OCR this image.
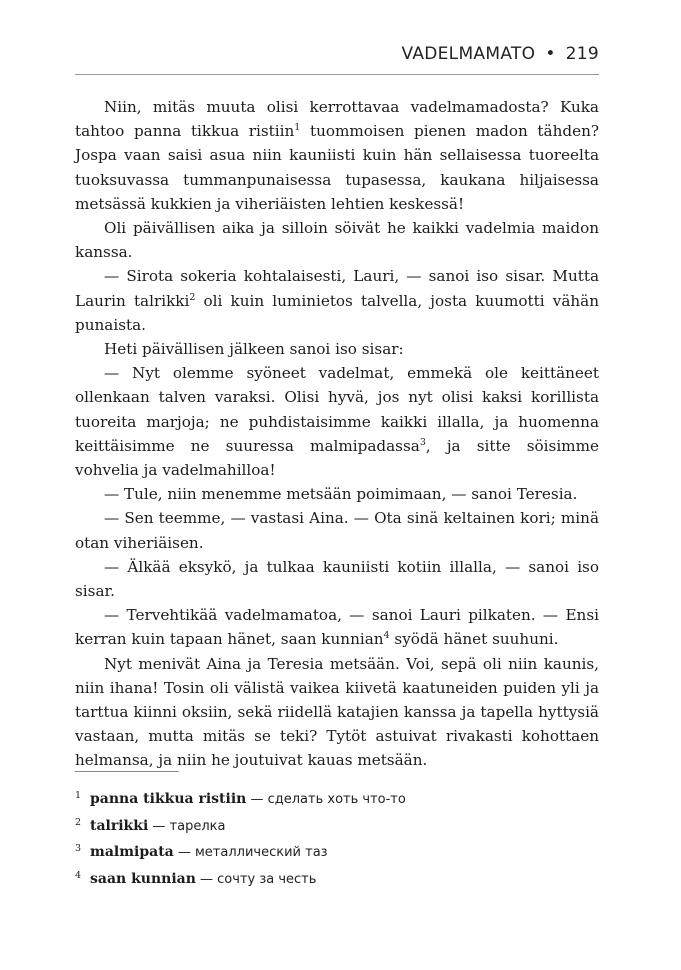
VADELMAMATO • 219

Niin, mitäs muuta olisi kerrottavaa vadelmamadosta? Kuka tahtoo panna tikkua ristiin$^1$ tuommoisen pienen madon tähden? Jospa vaan saisi asua niin kauniisti kuin hän sellaisessa tuoreelta tuoksuvassa tummanpunaisessa tupasessa, kaukana hiljaisessa metsässä kukkien ja viheriäisten lehtien keskessä!

Oli päivällisen aika ja silloin söivät he kaikki vadelmia maidon kanssa.

— Sirota sokeria kohtalaisesti, Lauri, — sanoi iso sisar. Mutta Laurin talrikki$^2$ oli kuin luminietos talvella, josta kuumotti vähän punaista.

Heti päivällisen jälkeen sanoi iso sisar:

— Nyt olemme syöneet vadelmat, emmekä ole keittäneet ollenkaan talven varaksi. Olisi hyvä, jos nyt olisi kaksi korillista tuoreita marjoja; ne puhdistaisimme kaikki illalla, ja huomenna keittäisimme ne suuressa malmipadassa$^3$, ja sitte söisimme vohvelia ja vadelmahilloa!

— Tule, niin menemme metsään poimimaan, — sanoi Teresia.

— Sen teemme, — vastasi Aina. — Ota sinä keltainen kori; minä otan viheriäisen.

— Älkää eksykö, ja tulkaa kauniisti kotiin illalla, — sanoi iso sisar.

— Tervehtikää vadelmamatoa, — sanoi Lauri pilkaten. — Ensi kerran kuin tapaan hänet, saan kunnian$^4$ syödä hänet suuhuni.

Nyt menivät Aina ja Teresia metsään. Voi, sepä oli niin kaunis, niin ihana! Tosin oli välistä vaikea kiivetä kaatuneiden puiden yli ja tarttua kiinni oksiin, sekä riidellä katajien kanssa ja tapella hyttysiä vastaan, mutta mitäs se teki? Tytöt astuivat rivakasti kohottaen helmansa, ja niin he joutuivat kauas metsään.

1 panna tikkua ristiin — сделать хоть что-то
2 talrikki — тарелка
3 malmipata — металлический таз
4 saan kunnian — сочту за честь
